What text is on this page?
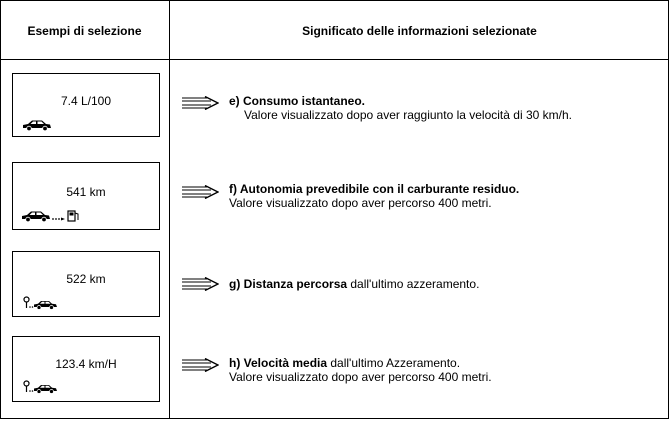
Esempi di selezione	Significato delle informazioni selezionate
7.4 L/100	e) Consumo istantaneo.
Valore visualizzato dopo aver raggiunto la velocità di 30 km/h.
541 km	f) Autonomia prevedibile con il carburante residuo.
Valore visualizzato dopo aver percorso 400 metri.
522 km	g) Distanza percorsa dall'ultimo azzeramento.
123.4 km/H	h) Velocità media dall'ultimo Azzeramento.
Valore visualizzato dopo aver percorso 400 metri.
